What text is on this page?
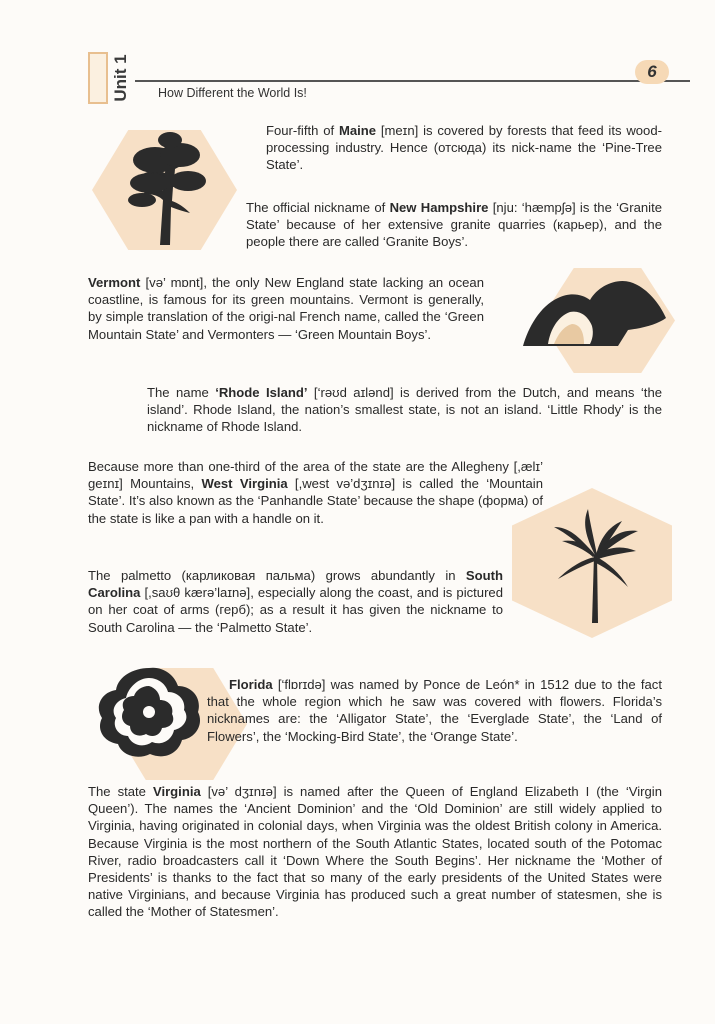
Unit 1 How Different the World Is!
6

Four-fifth of Maine [meɪn] is covered by forests that feed its wood-processing industry. Hence (отсюда) its nick-name the ‘Pine-Tree State’.

The official nickname of New Hampshire [nju: ‘hæmpʃə] is the ‘Granite State’ because of her extensive granite quarries (карьер), and the people there are called ‘Granite Boys’.

Vermont [və’ mɒnt], the only New England state lacking an ocean coastline, is famous for its green mountains. Vermont is generally, by simple translation of the origi-nal French name, called the ‘Green Mountain State’ and Vermonters — ‘Green Mountain Boys’.

The name ‘Rhode Island’ [‘rəʊd aɪlənd] is derived from the Dutch, and means ‘the island’. Rhode Island, the nation’s smallest state, is not an island. ‘Little Rhody’ is the nickname of Rhode Island.

Because more than one-third of the area of the state are the Allegheny [,ælɪ’ ɡeɪnɪ] Mountains, West Virginia [,west və’dʒɪnɪə] is called the ‘Mountain State’. It’s also known as the ‘Panhandle State’ because the shape (форма) of the state is like a pan with a handle on it.

The palmetto (карликовая пальма) grows abundantly in South Carolina [,saʊθ kærə’laɪnə], especially along the coast, and is pictured on her coat of arms (герб); as a result it has given the nickname to South Carolina — the ‘Palmetto State’.

Florida [‘flɒrɪdə] was named by Ponce de León* in 1512 due to the fact that the whole region which he saw was covered with flowers. Florida’s nicknames are: the ‘Alligator State’, the ‘Everglade State’, the ‘Land of Flowers’, the ‘Mocking-Bird State’, the ‘Orange State’.

The state Virginia [və’ dʒɪnɪə] is named after the Queen of England Elizabeth I (the ‘Virgin Queen’). The names the ‘Ancient Dominion’ and the ‘Old Dominion’ are still widely applied to Virginia, having originated in colonial days, when Virginia was the oldest British colony in America. Because Virginia is the most northern of the South Atlantic States, located south of the Potomac River, radio broadcasters call it ‘Down Where the South Begins’. Her nickname the ‘Mother of Presidents’ is thanks to the fact that so many of the early presidents of the United States were native Virginians, and because Virginia has produced such a great number of statesmen, she is called the ‘Mother of Statesmen’.
